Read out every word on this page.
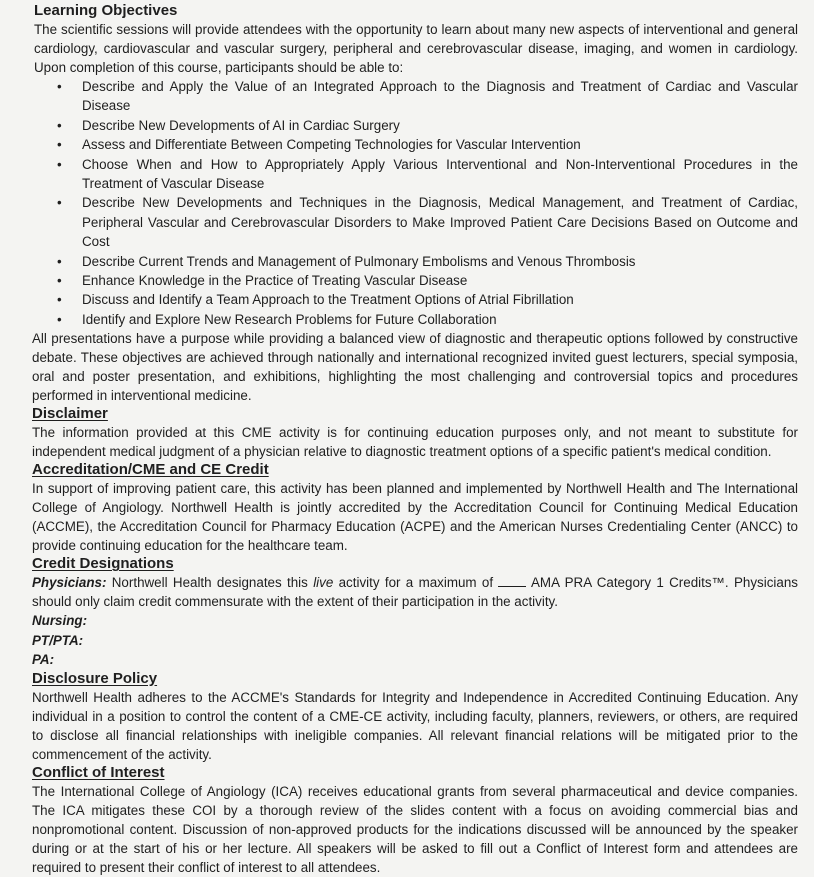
Learning Objectives

The scientific sessions will provide attendees with the opportunity to learn about many new aspects of interventional and general cardiology, cardiovascular and vascular surgery, peripheral and cerebrovascular disease, imaging, and women in cardiology. Upon completion of this course, participants should be able to:

• Describe and Apply the Value of an Integrated Approach to the Diagnosis and Treatment of Cardiac and Vascular Disease
• Describe New Developments of AI in Cardiac Surgery
• Assess and Differentiate Between Competing Technologies for Vascular Intervention
• Choose When and How to Appropriately Apply Various Interventional and Non-Interventional Procedures in the Treatment of Vascular Disease
• Describe New Developments and Techniques in the Diagnosis, Medical Management, and Treatment of Cardiac, Peripheral Vascular and Cerebrovascular Disorders to Make Improved Patient Care Decisions Based on Outcome and Cost
• Describe Current Trends and Management of Pulmonary Embolisms and Venous Thrombosis
• Enhance Knowledge in the Practice of Treating Vascular Disease
• Discuss and Identify a Team Approach to the Treatment Options of Atrial Fibrillation
• Identify and Explore New Research Problems for Future Collaboration

All presentations have a purpose while providing a balanced view of diagnostic and therapeutic options followed by constructive debate. These objectives are achieved through nationally and international recognized invited guest lecturers, special symposia, oral and poster presentation, and exhibitions, highlighting the most challenging and controversial topics and procedures performed in interventional medicine.

Disclaimer

The information provided at this CME activity is for continuing education purposes only, and not meant to substitute for independent medical judgment of a physician relative to diagnostic treatment options of a specific patient's medical condition.

Accreditation/CME and CE Credit

In support of improving patient care, this activity has been planned and implemented by Northwell Health and The International College of Angiology. Northwell Health is jointly accredited by the Accreditation Council for Continuing Medical Education (ACCME), the Accreditation Council for Pharmacy Education (ACPE) and the American Nurses Credentialing Center (ANCC) to provide continuing education for the healthcare team.

Credit Designations

Physicians: Northwell Health designates this live activity for a maximum of	AMA PRA Category 1 Credits™. Physicians should only claim credit commensurate with the extent of their participation in the activity.

Nursing:
PT/PTA:
PA:
Disclosure Policy

Northwell Health adheres to the ACCME's Standards for Integrity and Independence in Accredited Continuing Education. Any individual in a position to control the content of a CME-CE activity, including faculty, planners, reviewers, or others, are required to disclose all financial relationships with ineligible companies. All relevant financial relations will be mitigated prior to the commencement of the activity.

Conflict of Interest

The International College of Angiology (ICA) receives educational grants from several pharmaceutical and device companies. The ICA mitigates these COI by a thorough review of the slides content with a focus on avoiding commercial bias and nonpromotional content. Discussion of non-approved products for the indications discussed will be announced by the speaker during or at the start of his or her lecture. All speakers will be asked to fill out a Conflict of Interest form and attendees are required to present their conflict of interest to all attendees.
